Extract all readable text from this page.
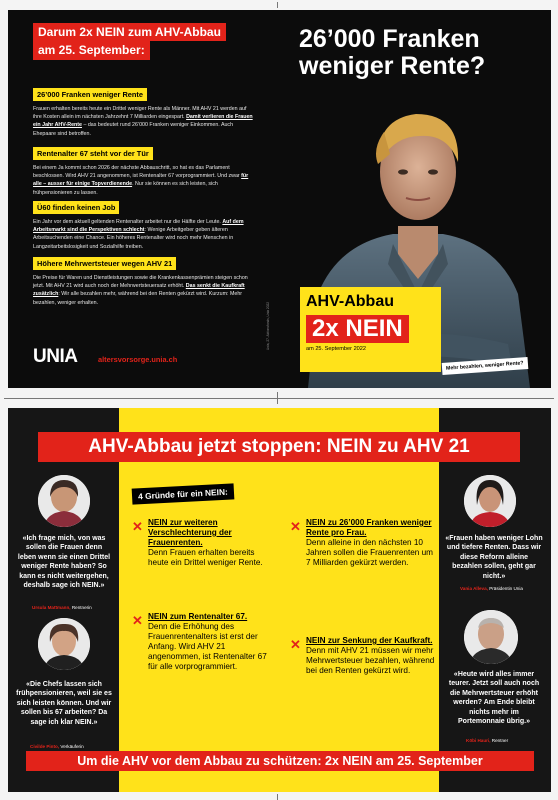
Darum 2x NEIN zum AHV-Abbau
am 25. September:
26’000 Franken weniger Rente

Frauen erhalten bereits heute ein Drittel weniger Rente als Männer. Mit AHV 21 werden auf ihre Kosten allein im nächsten Jahrzehnt 7 Milliarden eingespart. Damit verlieren die Frauen ein Jahr AHV-Rente – das bedeutet rund 26’000 Franken weniger Einkommen. Auch Ehepaare sind betroffen.

Rentenalter 67 steht vor der Tür

Bei einem Ja kommt schon 2026 der nächste Abbauschritt, so hat es das Parlament beschlossen. Wird AHV 21 angenommen, ist Rentenalter 67 vorprogrammiert. Und zwar für alle – ausser für einige Topverdienende. Nur sie können es sich leisten, sich frühpensionieren zu lassen.

Ü60 finden keinen Job

Ein Jahr vor dem aktuell geltenden Rentenalter arbeitet nur die Hälfte der Leute. Auf dem Arbeitsmarkt sind die Perspektiven schlecht: Wenige Arbeitgeber geben älteren Arbeitsuchenden eine Chance. Ein höheres Rentenalter wird noch mehr Menschen in Langzeitarbeitslosigkeit und Sozialhilfe treiben.

Höhere Mehrwertsteuer wegen AHV 21

Die Preise für Waren und Dienstleistungen sowie die Krankenkassenprämien steigen schon jetzt. Mit AHV 21 wird auch noch der Mehrwertsteuersatz erhöht. Das senkt die Kaufkraft zusätzlich: Wir alle bezahlen mehr, während bei den Renten gekürzt wird. Kurzum: Mehr bezahlen, weniger erhalten.

UNIA	altersvorsorge.unia.ch
Unia, 27. Aktionsfonds, Unia 2022
26’000 Franken
weniger Rente?
AHV-Abbau
2x NEIN
am 25. September 2022
Mehr bezahlen, weniger Rente?
AHV-Abbau jetzt stoppen: NEIN zu AHV 21
4 Gründe für ein NEIN:
✕ NEIN zur weiteren Verschlechterung der Frauenrenten.
Denn Frauen erhalten bereits heute ein Drittel weniger Rente.
✕ NEIN zum Rentenalter 67.
Denn die Erhöhung des Frauenrentenalters ist erst der Anfang. Wird AHV 21 angenommen, ist Rentenalter 67 für alle vorprogrammiert.
✕ NEIN zu 26’000 Franken weniger Rente pro Frau.
Denn alleine in den nächsten 10 Jahren sollen die Frauenrenten um 7 Milliarden gekürzt werden.
✕ NEIN zur Senkung der Kaufkraft.
Denn mit AHV 21 müssen wir mehr Mehrwertsteuer bezahlen, während bei den Renten gekürzt wird.
«Ich frage mich, von was sollen die Frauen denn leben wenn sie einen Drittel weniger Rente haben? So kann es nicht weitergehen, deshalb sage ich NEIN.»
Ursula Mattmann, Rentnerin
«Die Chefs lassen sich frühpensionieren, weil sie es sich leisten können. Und wir sollen bis 67 arbeiten? Da sage ich klar NEIN.»
Civilde Pinto, Verkäuferin
«Frauen haben weniger Lohn und tiefere Renten. Dass wir diese Reform alleine bezahlen sollen, geht gar nicht.»
Vania Alleva, Präsidentin Unia
«Heute wird alles immer teurer. Jetzt soll auch noch die Mehrwertsteuer erhöht werden? Am Ende bleibt nichts mehr im Portemonnaie übrig.»
Köbi Hauri, Rentner
Um die AHV vor dem Abbau zu schützen: 2x NEIN am 25. September
